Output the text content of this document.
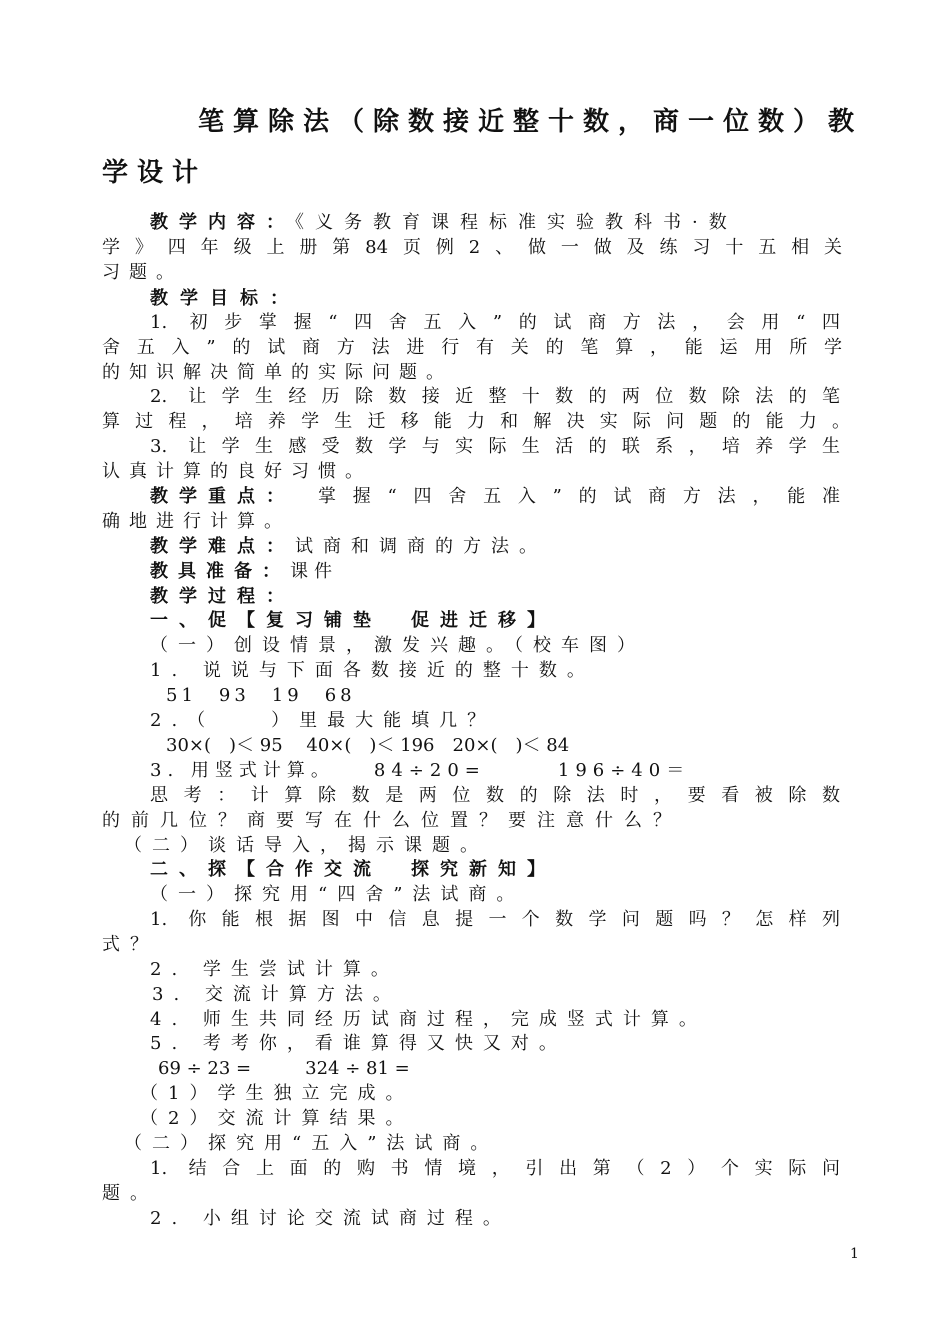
笔算除法（除数接近整十数，商一位数）教
学设计
教学内容：《义务教育课程标准实验教科书·数
学》四年级上册第84页例2、做一做及练习十五相关
习题。
教学目标：
1. 初步掌握“四舍五入”的试商方法，会用“四
舍五入”的试商方法进行有关的笔算，能运用所学
的知识解决简单的实际问题。
2. 让学生经历除数接近整十数的两位数除法的笔
算过程，培养学生迁移能力和解决实际问题的能力。
3. 让学生感受数学与实际生活的联系，培养学生
认真计算的良好习惯。
教学重点：	掌握“四舍五入”的试商方法，能准
确地进行计算。
教学难点：试商和调商的方法。
教具准备：课件
教学过程：
一、促【复习铺垫　促进迁移】
（一）创设情景，激发兴趣。（校车图）
1. 说说与下面各数接近的整十数。
51　93　19　68
2.（　　）里最大能填几？
30×(　)＜ 95　 40×(　)＜ 196　20×(　)＜ 84
3. 用竖式计算。　　84÷20=　　　196÷40＝
思考：计算除数是两位数的除法时，要看被除数
的前几位？商要写在什么位置？要注意什么？
（二）谈话导入，揭示课题。
二、探【合作交流　探究新知】
（一）探究用“四舍”法试商。
1. 你能根据图中信息提一个数学问题吗？怎样列
式？
2. 学生尝试计算。
3. 交流计算方法。
4. 师生共同经历试商过程，完成竖式计算。
5. 考考你，看谁算得又快又对。
69 ÷ 23 =　　　324 ÷ 81 =
（1）学生独立完成。
（2）交流计算结果。
（二）探究用“五入”法试商。
1. 结合上面的购书情境，引出第（2）个实际问
题。
2. 小组讨论交流试商过程。
1
